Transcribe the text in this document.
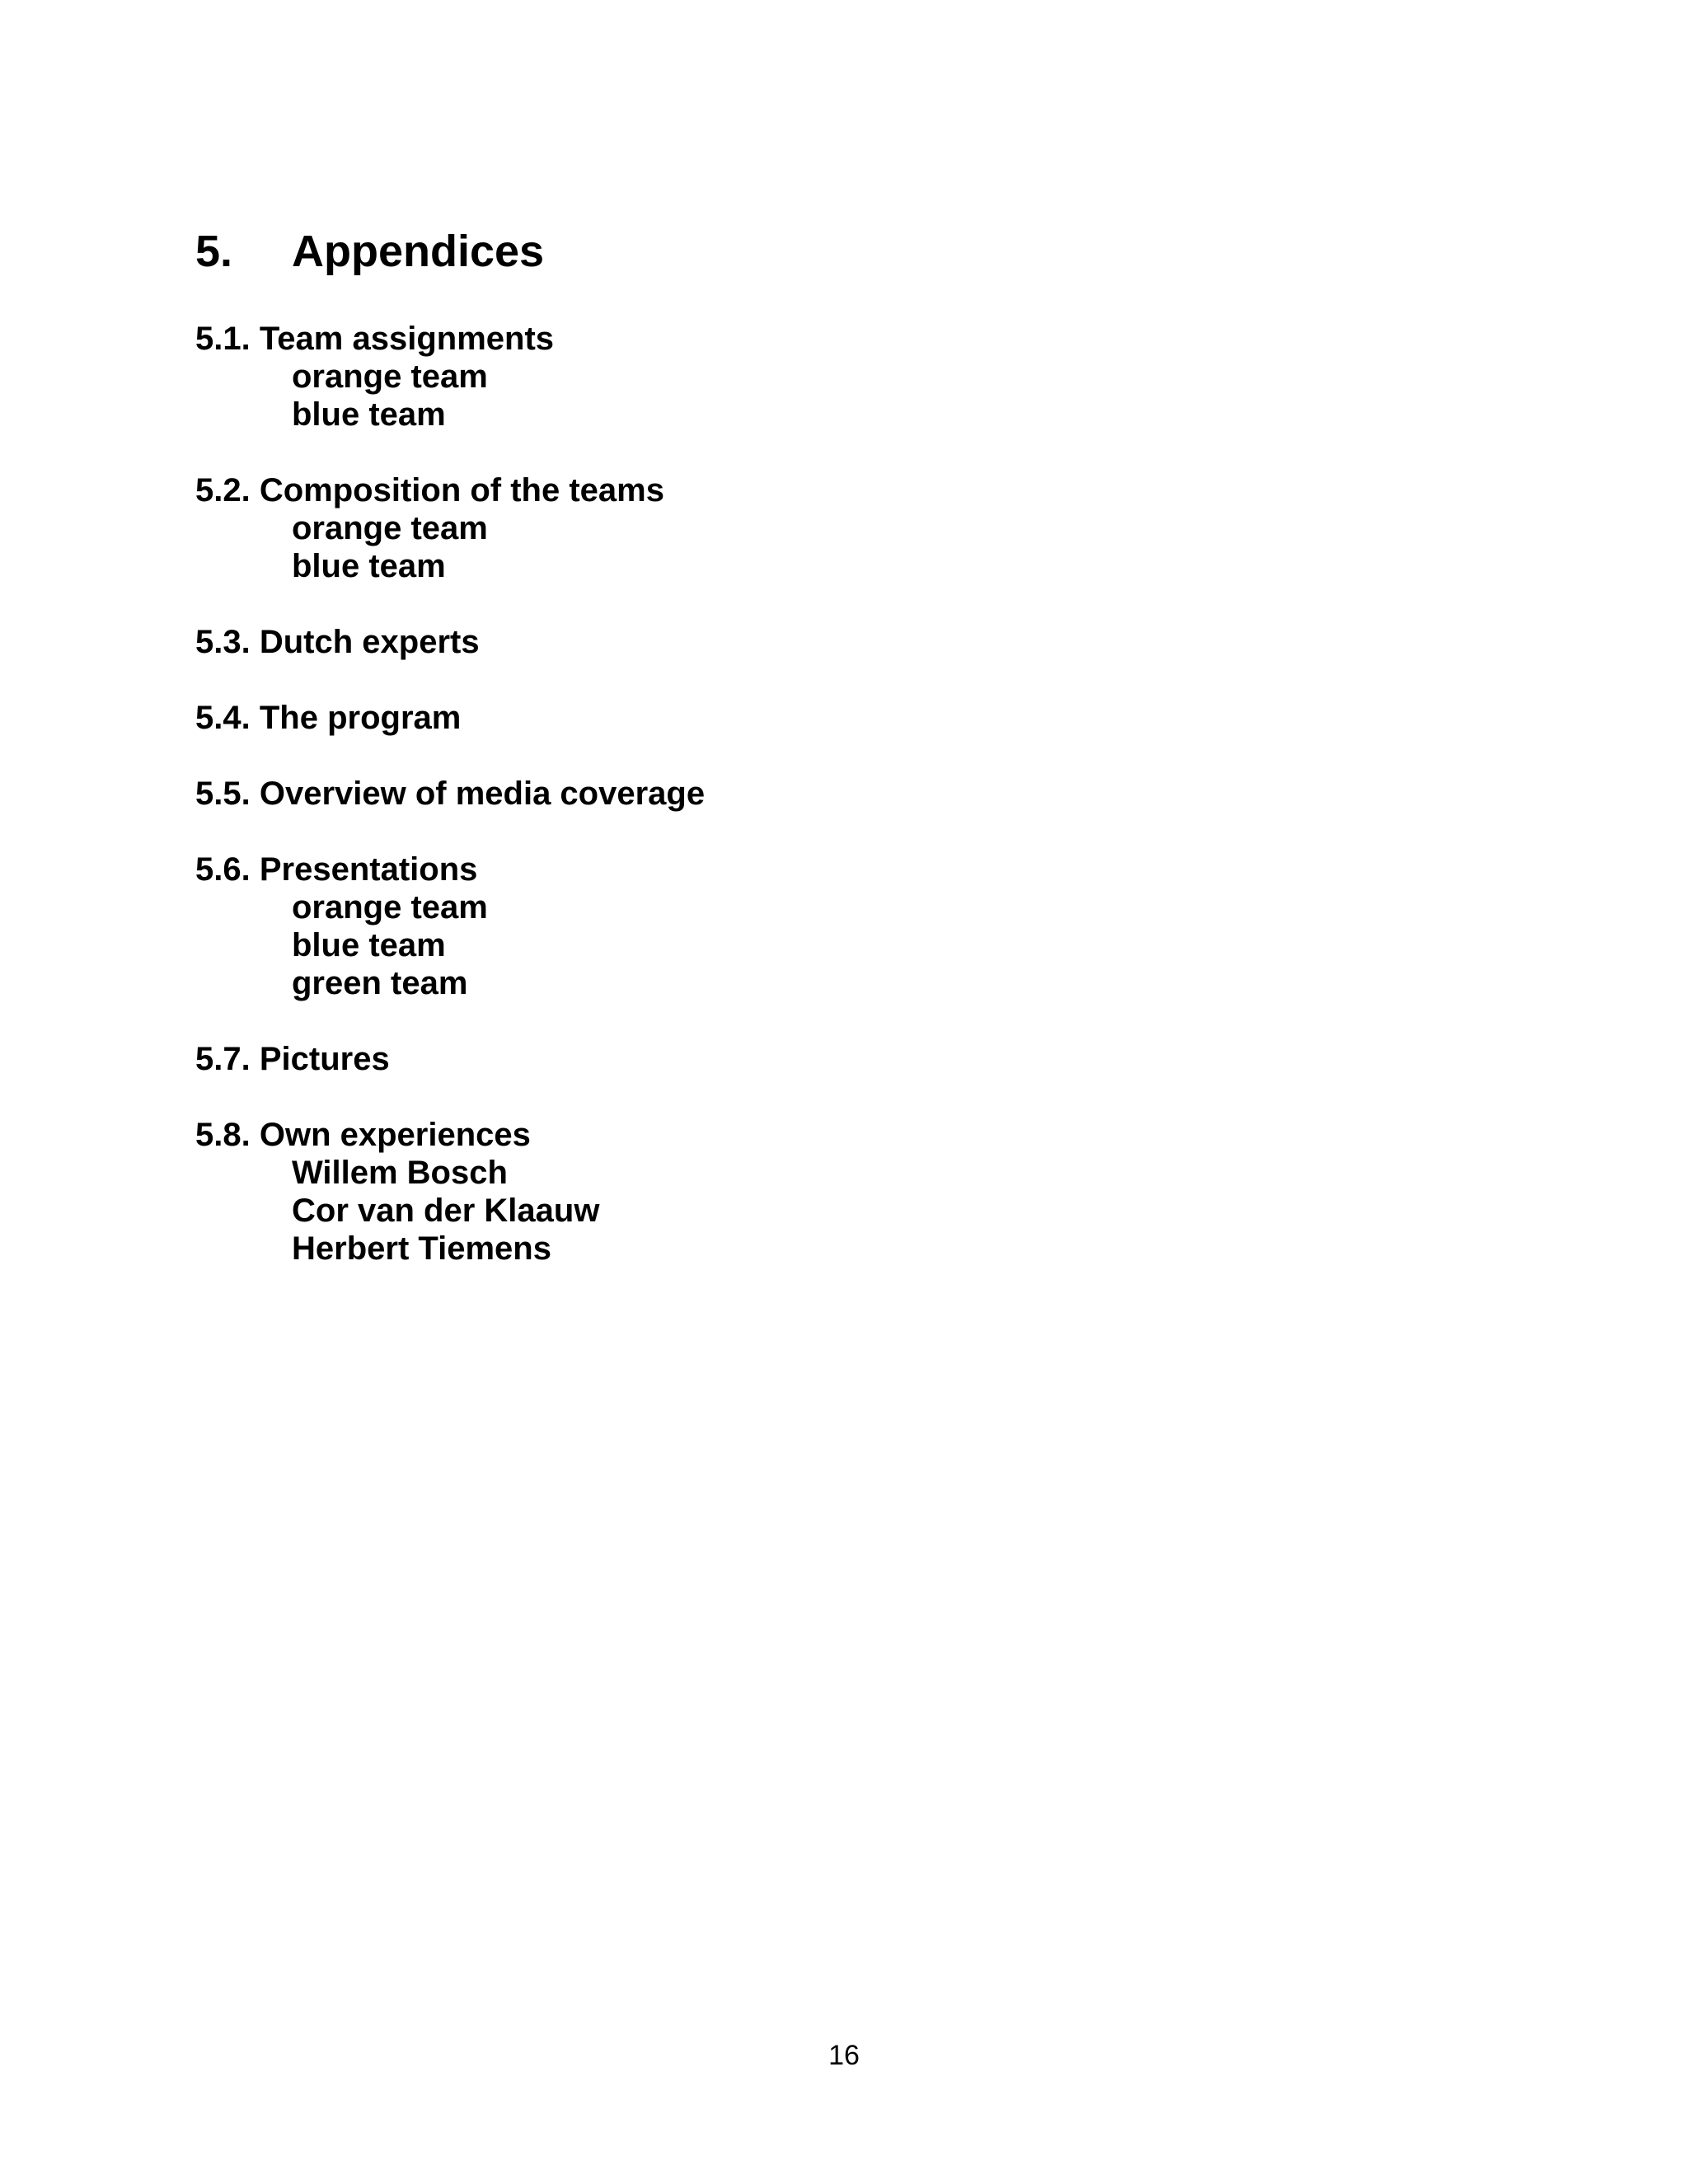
5. Appendices
5.1. Team assignments
orange team
blue team
5.2. Composition of the teams
orange team
blue team
5.3. Dutch experts
5.4. The program
5.5. Overview of media coverage
5.6. Presentations
orange team
blue team
green team
5.7. Pictures
5.8. Own experiences
Willem Bosch
Cor van der Klaauw
Herbert Tiemens
16
